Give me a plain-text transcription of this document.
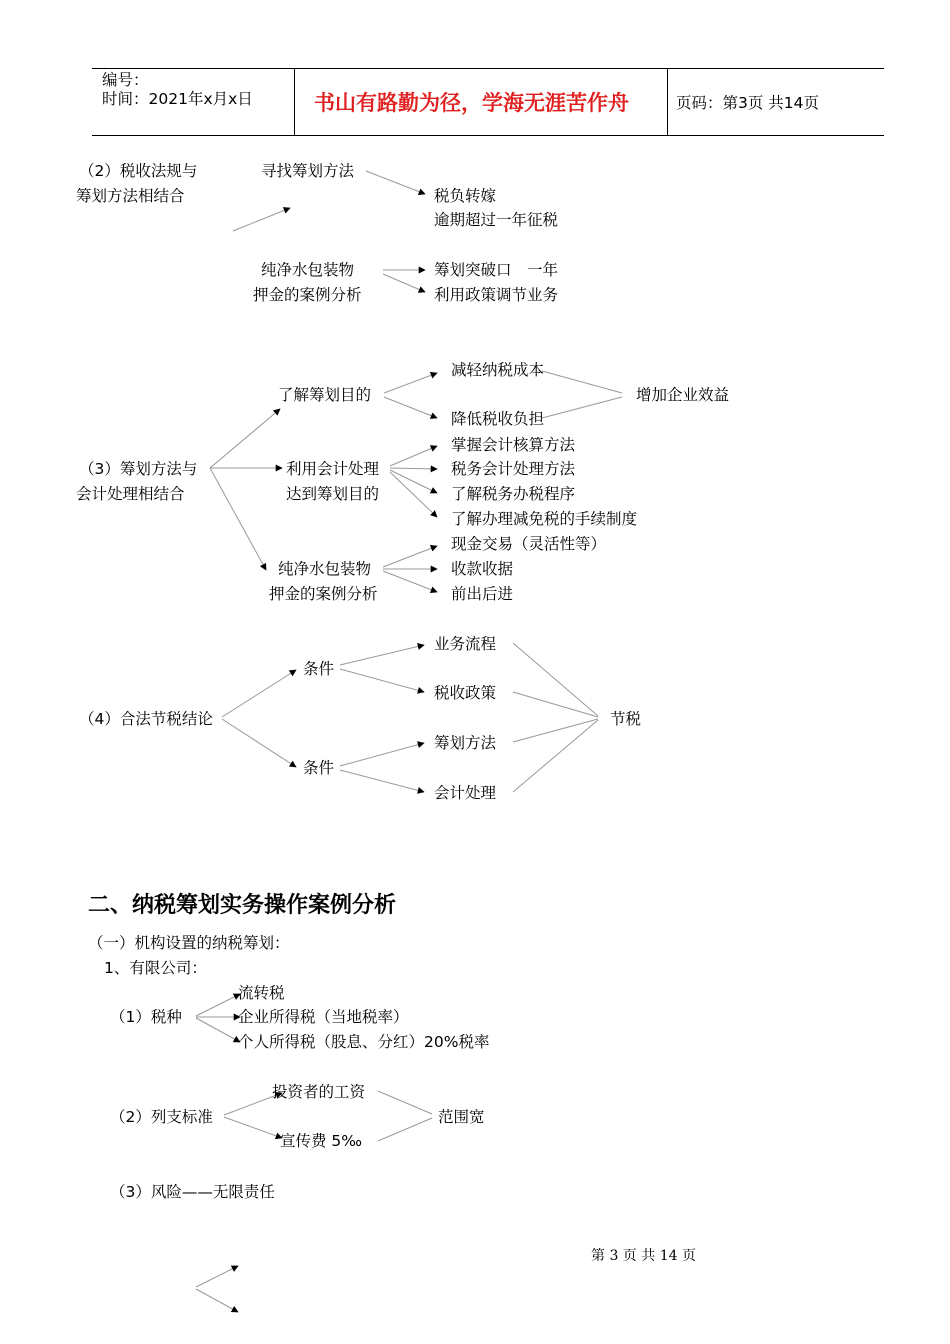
编号：
时间：2021年x月x日	书山有路勤为径，学海无涯苦作舟	页码：第3页 共14页
（2）税收法规与
筹划方法相结合
寻找筹划方法
税负转嫁
逾期超过一年征税
纯净水包装物
押金的案例分析
筹划突破口　一年
利用政策调节业务
了解筹划目的
减轻纳税成本
降低税收负担
增加企业效益
（3）筹划方法与
会计处理相结合
利用会计处理
达到筹划目的
掌握会计核算方法
税务会计处理方法
了解税务办税程序
了解办理减免税的手续制度
纯净水包装物
押金的案例分析
现金交易（灵活性等）
收款收据
前出后进
（4）合法节税结论
条件
条件
业务流程
税收政策
筹划方法
会计处理
节税
二、纳税筹划实务操作案例分析
（一）机构设置的纳税筹划：
1、有限公司：
（1）税种
流转税
企业所得税（当地税率）
个人所得税（股息、分红）20%税率
（2）列支标准
投资者的工资
宣传费 5‰
范围宽
（3）风险——无限责任
第 3 页 共 14 页
